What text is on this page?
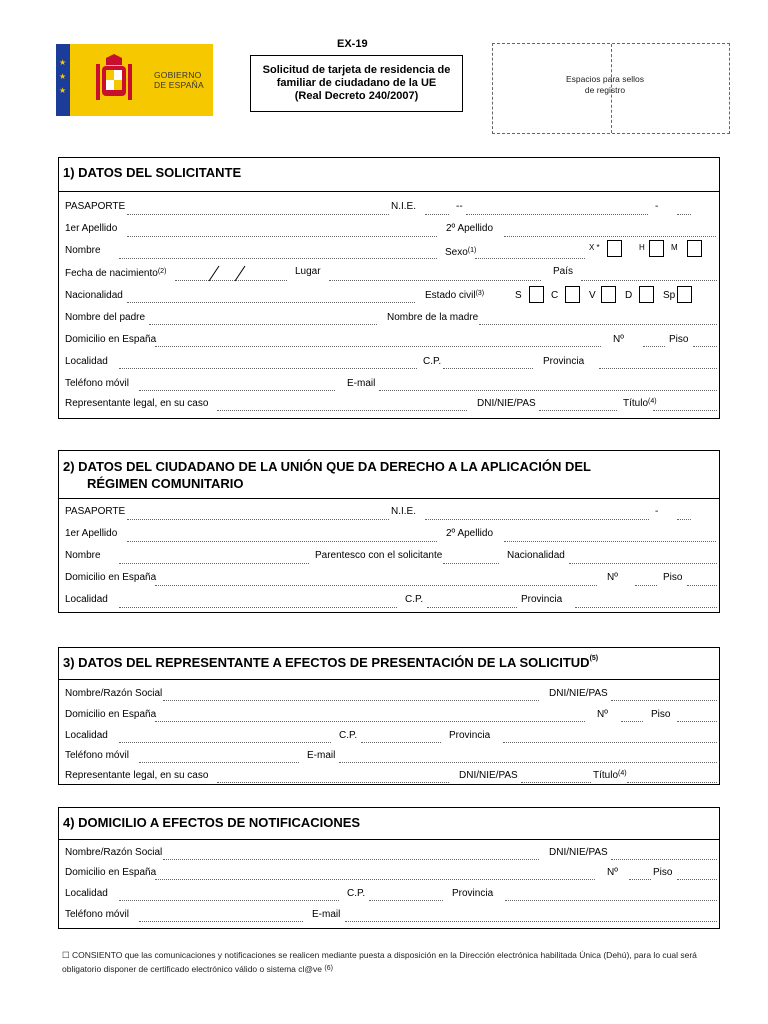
★
★
★
GOBIERNO
DE ESPAÑA
EX-19
Solicitud de tarjeta de residencia de
familiar de ciudadano de la UE
(Real Decreto 240/2007)
Espacios para sellos
de registro
1) DATOS DEL SOLICITANTE
PASAPORTE	N.I.E.	--	-
1er Apellido	2º Apellido
Nombre	Sexo$^{(1)}$	X *	H	M
Fecha de nacimiento$^{(2)}$	Lugar	País
Nacionalidad	Estado civil$^{(3)}$	S	C	V	D	Sp
Nombre del padre	Nombre de la madre
Domicilio en España	Nº	Piso
Localidad	C.P.	Provincia
Teléfono móvil	E-mail
Representante legal, en su caso	DNI/NIE/PAS	Título$^{(4)}$
2) DATOS DEL CIUDADANO DE LA UNIÓN QUE DA DERECHO A LA APLICACIÓN DEL
RÉGIMEN COMUNITARIO
PASAPORTE	N.I.E.	-
1er Apellido	2º Apellido
Nombre	Parentesco con el solicitante	Nacionalidad
Domicilio en España	Nº	Piso
Localidad	C.P.	Provincia
3) DATOS DEL REPRESENTANTE A EFECTOS DE PRESENTACIÓN DE LA SOLICITUD$^{(5)}$
Nombre/Razón Social	DNI/NIE/PAS
Domicilio en España	Nº	Piso
Localidad	C.P.	Provincia
Teléfono móvil	E-mail
Representante legal, en su caso	DNI/NIE/PAS	Título$^{(4)}$
4) DOMICILIO A EFECTOS DE NOTIFICACIONES
Nombre/Razón Social	DNI/NIE/PAS
Domicilio en España	Nº	Piso
Localidad	C.P.	Provincia
Teléfono móvil	E-mail
☐ CONSIENTO que las comunicaciones y notificaciones se realicen mediante puesta a disposición en la Dirección electrónica habilitada Única (Dehú), para lo cual será
obligatorio disponer de certificado electrónico válido o sistema cl@ve $^{(6)}$
